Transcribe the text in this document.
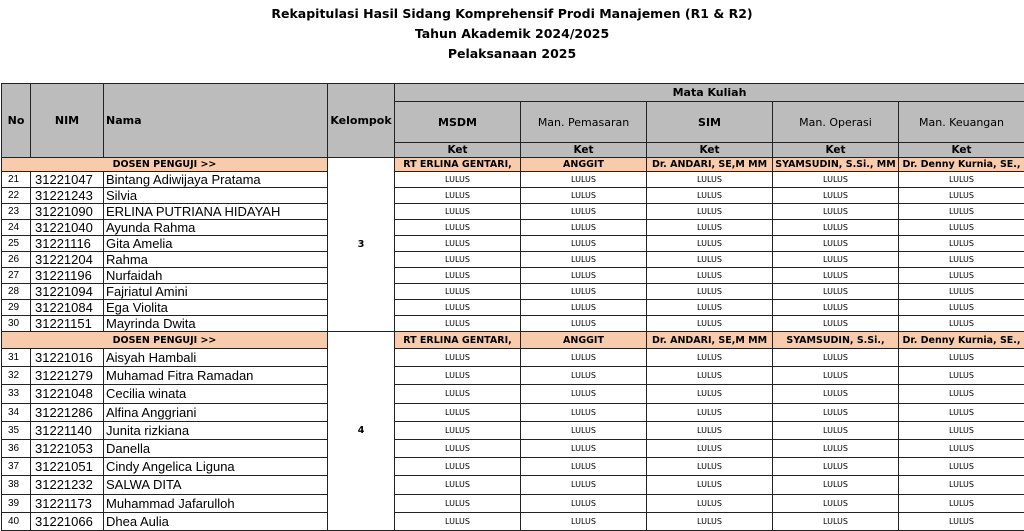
Rekapitulasi Hasil Sidang Komprehensif Prodi Manajemen (R1 & R2)
Tahun Akademik 2024/2025
Pelaksanaan 2025
No	NIM	Nama	Kelompok	Mata Kuliah				
				MSDM	Man. Pemasaran	SIM	Man. Operasi	Man. Keuangan
				Ket	Ket	Ket	Ket	Ket
DOSEN PENGUJI >>			3	RT ERLINA GENTARI,	ANGGIT	Dr. ANDARI, SE,M MM	SYAMSUDIN, S.Si., MM	Dr. Denny Kurnia, SE.,
21	31221047	Bintang Adiwijaya Pratama		LULUS	LULUS	LULUS	LULUS	LULUS
22	31221243	Silvia		LULUS	LULUS	LULUS	LULUS	LULUS
23	31221090	ERLINA PUTRIANA HIDAYAH		LULUS	LULUS	LULUS	LULUS	LULUS
24	31221040	Ayunda Rahma		LULUS	LULUS	LULUS	LULUS	LULUS
25	31221116	Gita Amelia		LULUS	LULUS	LULUS	LULUS	LULUS
26	31221204	Rahma		LULUS	LULUS	LULUS	LULUS	LULUS
27	31221196	Nurfaidah		LULUS	LULUS	LULUS	LULUS	LULUS
28	31221094	Fajriatul Amini		LULUS	LULUS	LULUS	LULUS	LULUS
29	31221084	Ega Violita		LULUS	LULUS	LULUS	LULUS	LULUS
30	31221151	Mayrinda Dwita		LULUS	LULUS	LULUS	LULUS	LULUS
DOSEN PENGUJI >>			4	RT ERLINA GENTARI,	ANGGIT	Dr. ANDARI, SE,M MM	SYAMSUDIN, S.Si.,	Dr. Denny Kurnia, SE.,
31	31221016	Aisyah Hambali		LULUS	LULUS	LULUS	LULUS	LULUS
32	31221279	Muhamad Fitra Ramadan		LULUS	LULUS	LULUS	LULUS	LULUS
33	31221048	Cecilia winata		LULUS	LULUS	LULUS	LULUS	LULUS
34	31221286	Alfina Anggriani		LULUS	LULUS	LULUS	LULUS	LULUS
35	31221140	Junita rizkiana		LULUS	LULUS	LULUS	LULUS	LULUS
36	31221053	Danella		LULUS	LULUS	LULUS	LULUS	LULUS
37	31221051	Cindy Angelica Liguna		LULUS	LULUS	LULUS	LULUS	LULUS
38	31221232	SALWA DITA		LULUS	LULUS	LULUS	LULUS	LULUS
39	31221173	Muhammad Jafarulloh		LULUS	LULUS	LULUS	LULUS	LULUS
40	31221066	Dhea Aulia		LULUS	LULUS	LULUS	LULUS	LULUS
